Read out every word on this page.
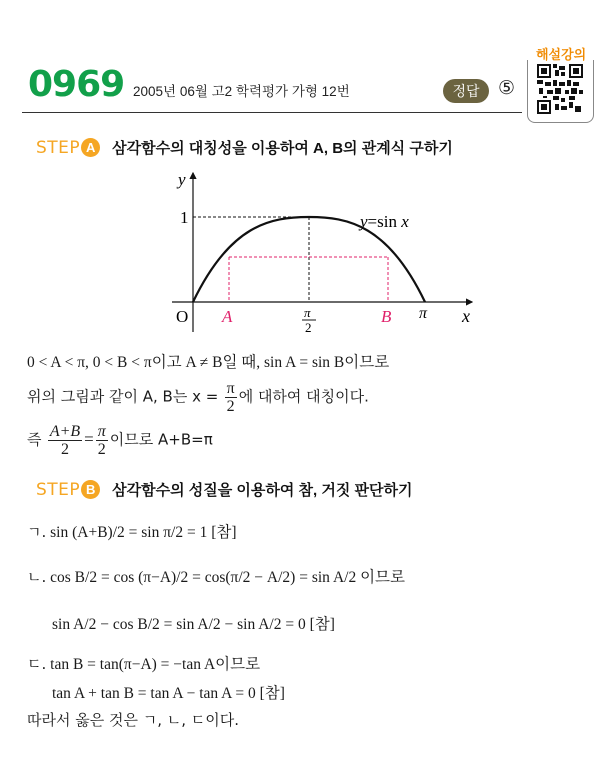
0969 2005년 06월 고2 학력평가 가형 12번	정답 ⑤
해설강의
STEP A 삼각함수의 대칭성을 이용하여 A, B의 관계식 구하기
y
1	y=sin x
O A	π
2
B π x
0 < A < π, 0 < B < π이고 A ≠ B일 때, sin A = sin B이므로
위의 그림과 같이 A, B는 $x = \frac{\pi}{2}$ 에 대하여 대칭이다.
즉 $\frac{A+B}{2} = \frac{\pi}{2}$ 이므로 A+B=π
STEP B 삼각함수의 성질을 이용하여 참, 거짓 판단하기
ㄱ. sin (A+B)/2 = sin π/2 = 1 [참]
ㄴ. cos B/2 = cos (π−A)/2 = cos(π/2 − A/2) = sin A/2 이므로
sin A/2 − cos B/2 = sin A/2 − sin A/2 = 0 [참]
ㄷ. tan B = tan(π−A) = −tan A이므로
tan A + tan B = tan A − tan A = 0 [참]
따라서 옳은 것은 ㄱ, ㄴ, ㄷ이다.
